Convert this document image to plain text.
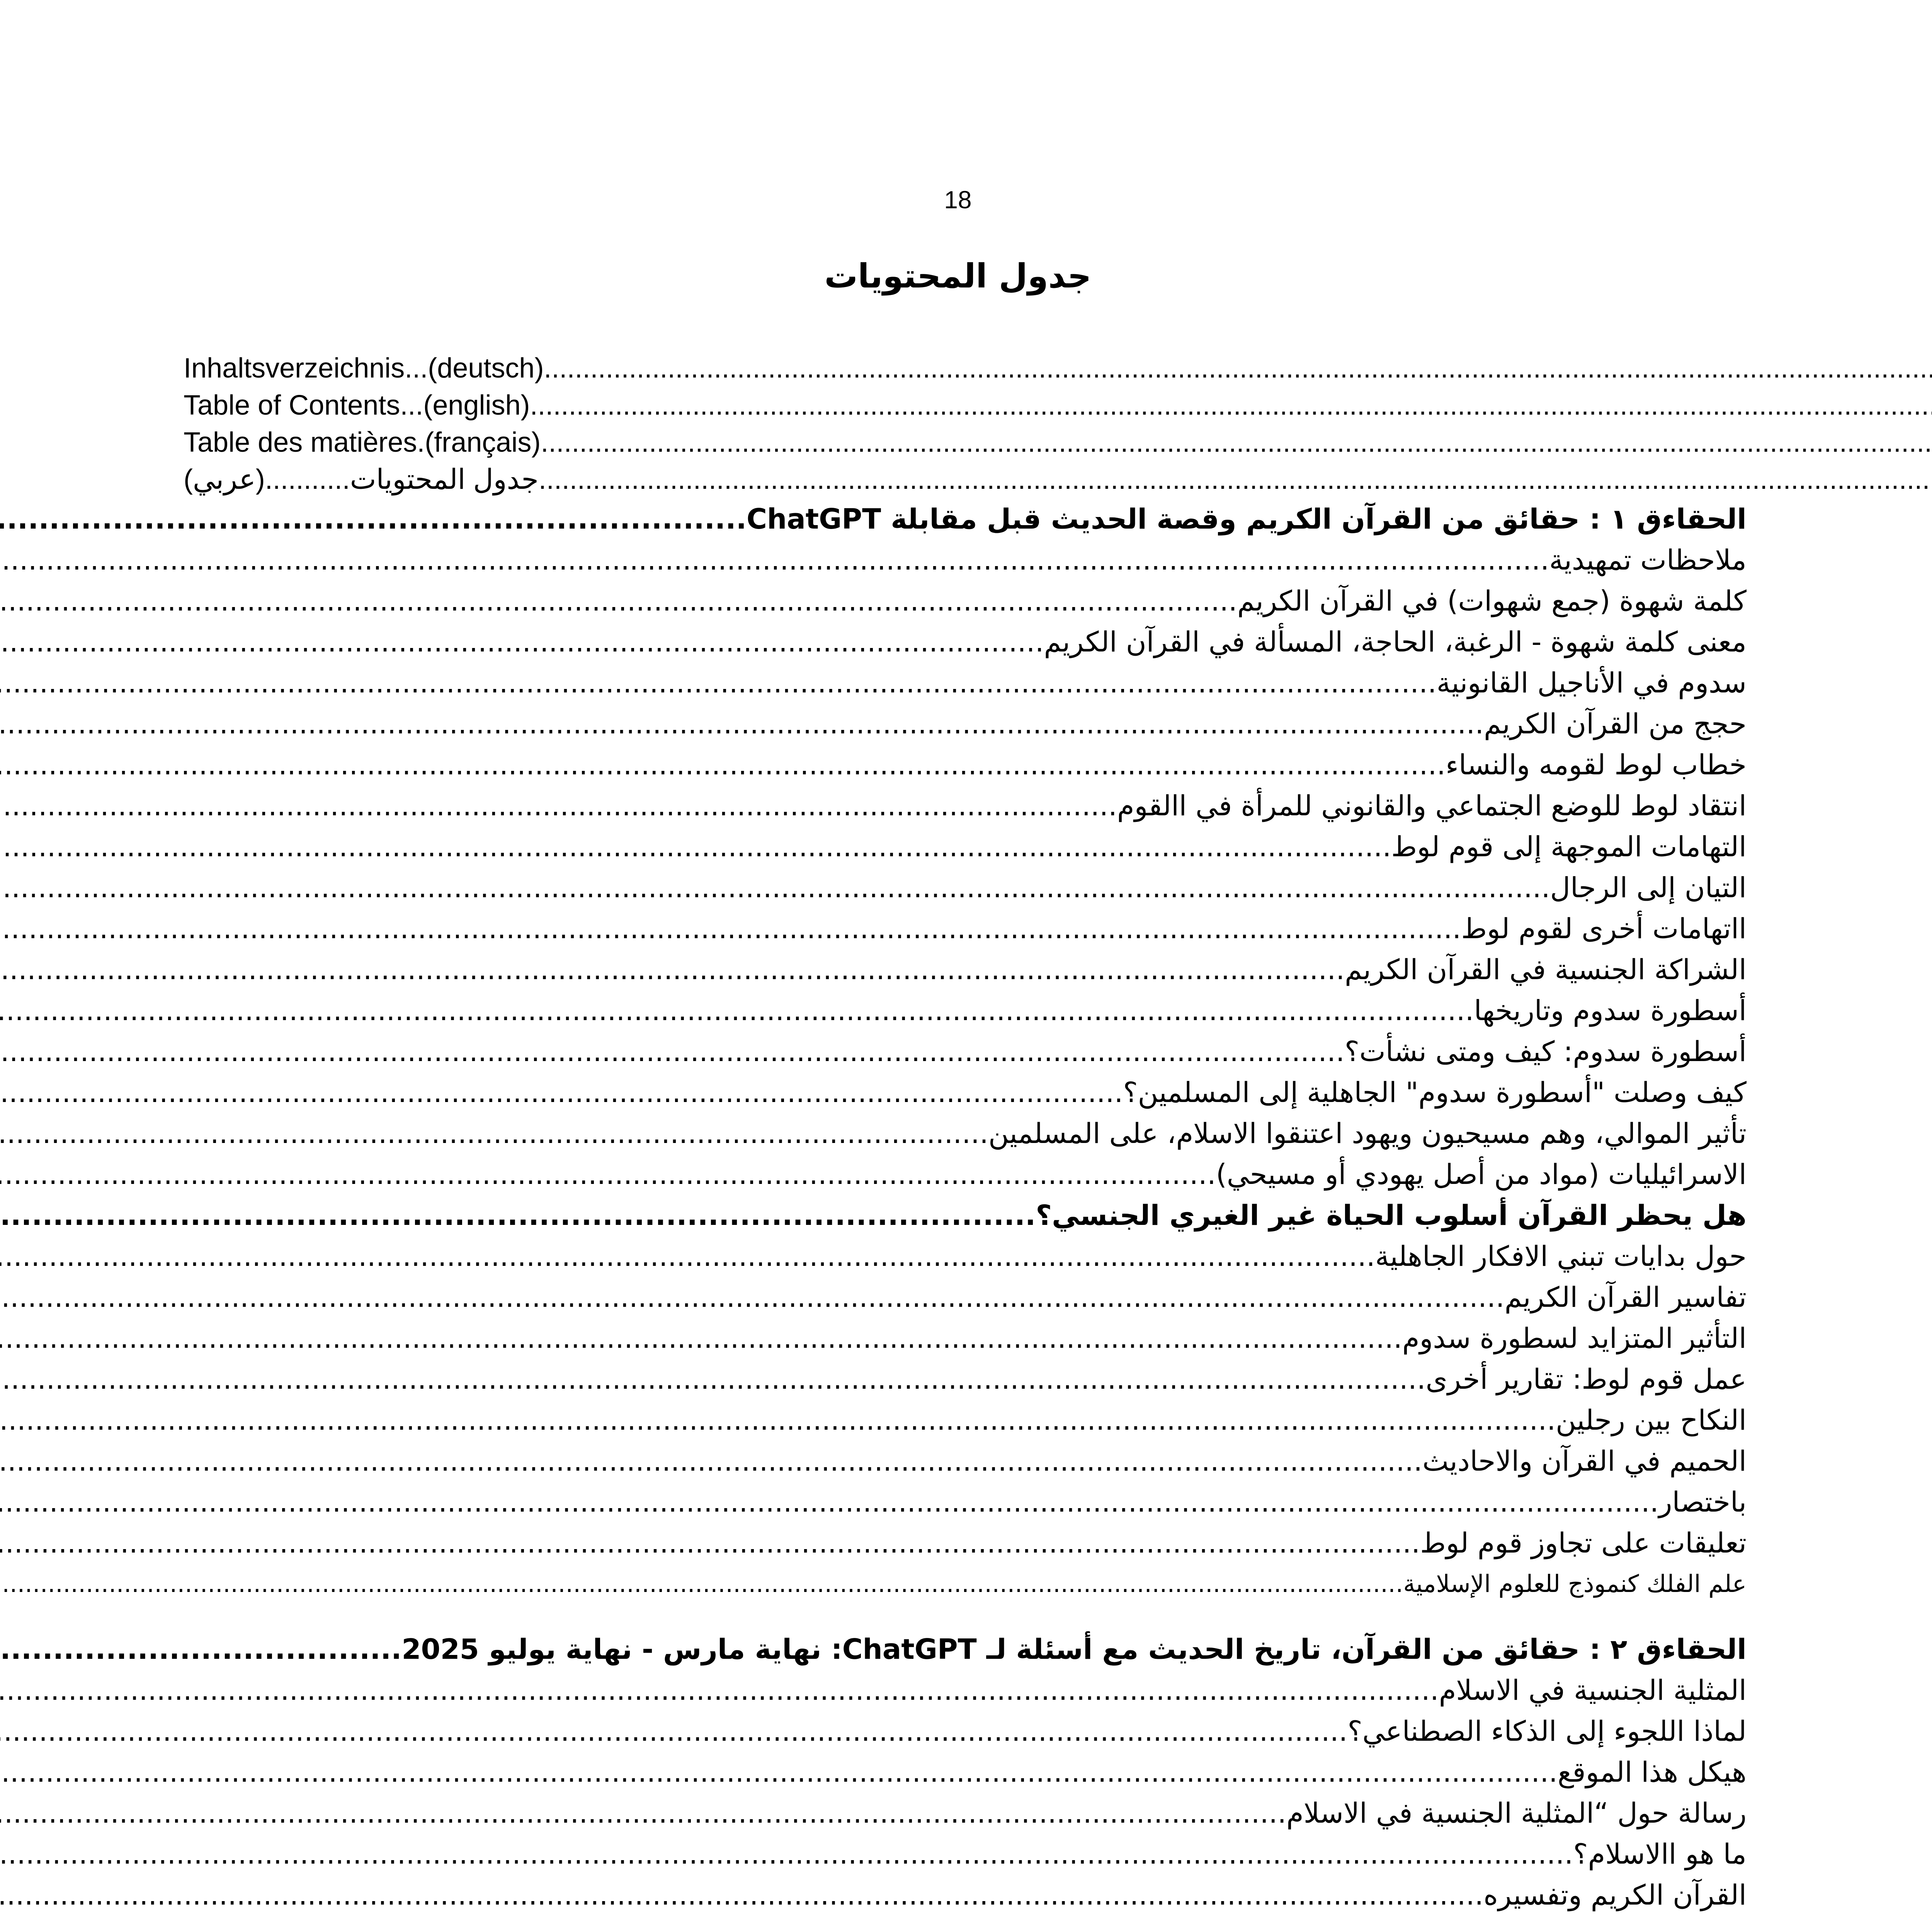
18
جدول المحتويات
Inhaltsverzeichnis...(deutsch)
.....
Table of Contents...(english)
.....
Table des matières.(français)
.....
جدول المحتويات...........(عربي)
.....
الحقاءق ١ : حقائق من القرآن الكريم وقصة الحديث قبل مقابلة ChatGPT
.....
ملاحظات تمهيدية
.....
كلمة شهوة (جمع شهوات) في القرآن الكريم
.....
معنى كلمة شهوة - الرغبة، الحاجة، المسألة في القرآن الكريم
.....
سدوم في الأناجيل القانونية
.....
حجج من القرآن الكريم
.....
خطاب لوط لقومه والنساء
.....
انتقاد لوط للوضع الجتماعي والقانوني للمرأة في االقوم
.....
التهامات الموجهة إلى قوم لوط
.....
التيان إلى الرجال
.....
ااتهامات أخرى لقوم لوط
.....
الشراكة الجنسية في القرآن الكريم
.....
أسطورة سدوم وتاريخها
.....
أسطورة سدوم: كيف ومتى نشأت؟
.....
كيف وصلت "أسطورة سدوم" الجاهلية إلى المسلمين؟
.....
تأثير الموالي، وهم مسيحيون ويهود اعتنقوا الاسلام، على المسلمين
.....
الاسرائيليات (مواد من أصل يهودي أو مسيحي)
.....
هل يحظر القرآن أسلوب الحياة غير الغيري الجنسي؟
.....
حول بدايات تبني الافكار الجاهلية
.....
تفاسير القرآن الكريم
.....
التأثير المتزايد لسطورة سدوم
.....
عمل قوم لوط: تقارير أخرى
.....
النكاح بين رجلين
.....
الحميم في القرآن والاحاديث
.....
باختصار
.....
تعليقات على تجاوز قوم لوط
.....
علم الفلك كنموذج للعلوم الإسلامية
.....
الحقاءق ٢ : حقائق من القرآن، تاريخ الحديث مع أسئلة لـ ChatGPT: نهاية مارس - نهاية يوليو 2025
.....
المثلية الجنسية في الاسلام
.....
لماذا اللجوء إلى الذكاء الصطناعي؟
.....
هيكل هذا الموقع
.....
رسالة حول “المثلية الجنسية في الاسلام
.....
ما هو االاسلام؟
.....
القرآن الكريم وتفسيره
.....
